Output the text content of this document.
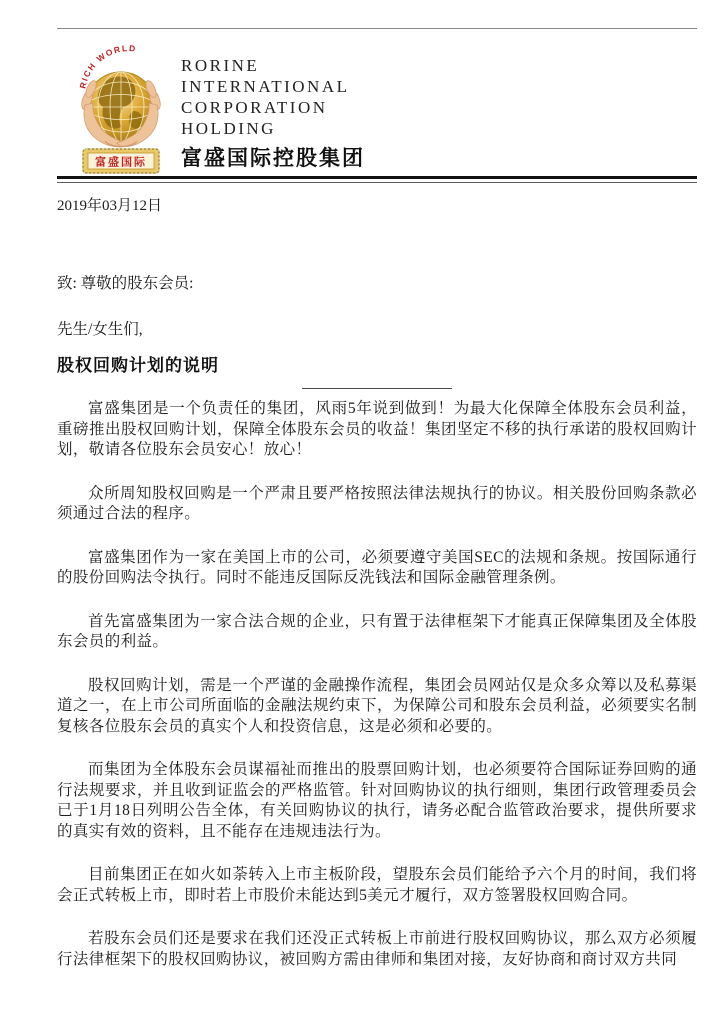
RICH WORLD
富盛国际
RORINE
INTERNATIONAL
CORPORATION
HOLDING
富盛国际控股集团

2019年03月12日

致: 尊敬的股东会员:

先生/女生们,

股权回购计划的说明

富盛集团是一个负责任的集团，风雨5年说到做到！为最大化保障全体股东会员利益，重磅推出股权回购计划，保障全体股东会员的收益！集团坚定不移的执行承诺的股权回购计划，敬请各位股东会员安心！放心！

众所周知股权回购是一个严肃且要严格按照法律法规执行的协议。相关股份回购条款必须通过合法的程序。

富盛集团作为一家在美国上市的公司，必须要遵守美国SEC的法规和条规。按国际通行的股份回购法令执行。同时不能违反国际反洗钱法和国际金融管理条例。

首先富盛集团为一家合法合规的企业，只有置于法律框架下才能真正保障集团及全体股东会员的利益。

股权回购计划，需是一个严谨的金融操作流程，集团会员网站仅是众多众筹以及私募渠道之一，在上市公司所面临的金融法规约束下，为保障公司和股东会员利益，必须要实名制复核各位股东会员的真实个人和投资信息，这是必须和必要的。

而集团为全体股东会员谋福祉而推出的股票回购计划，也必须要符合国际证券回购的通行法规要求，并且收到证监会的严格监管。针对回购协议的执行细则，集团行政管理委员会已于1月18日列明公告全体，有关回购协议的执行，请务必配合监管政治要求，提供所要求的真实有效的资料，且不能存在违规违法行为。

目前集团正在如火如荼转入上市主板阶段，望股东会员们能给予六个月的时间，我们将会正式转板上市，即时若上市股价未能达到5美元才履行，双方签署股权回购合同。

若股东会员们还是要求在我们还没正式转板上市前进行股权回购协议，那么双方必须履行法律框架下的股权回购协议，被回购方需由律师和集团对接，友好协商和商讨双方共同
